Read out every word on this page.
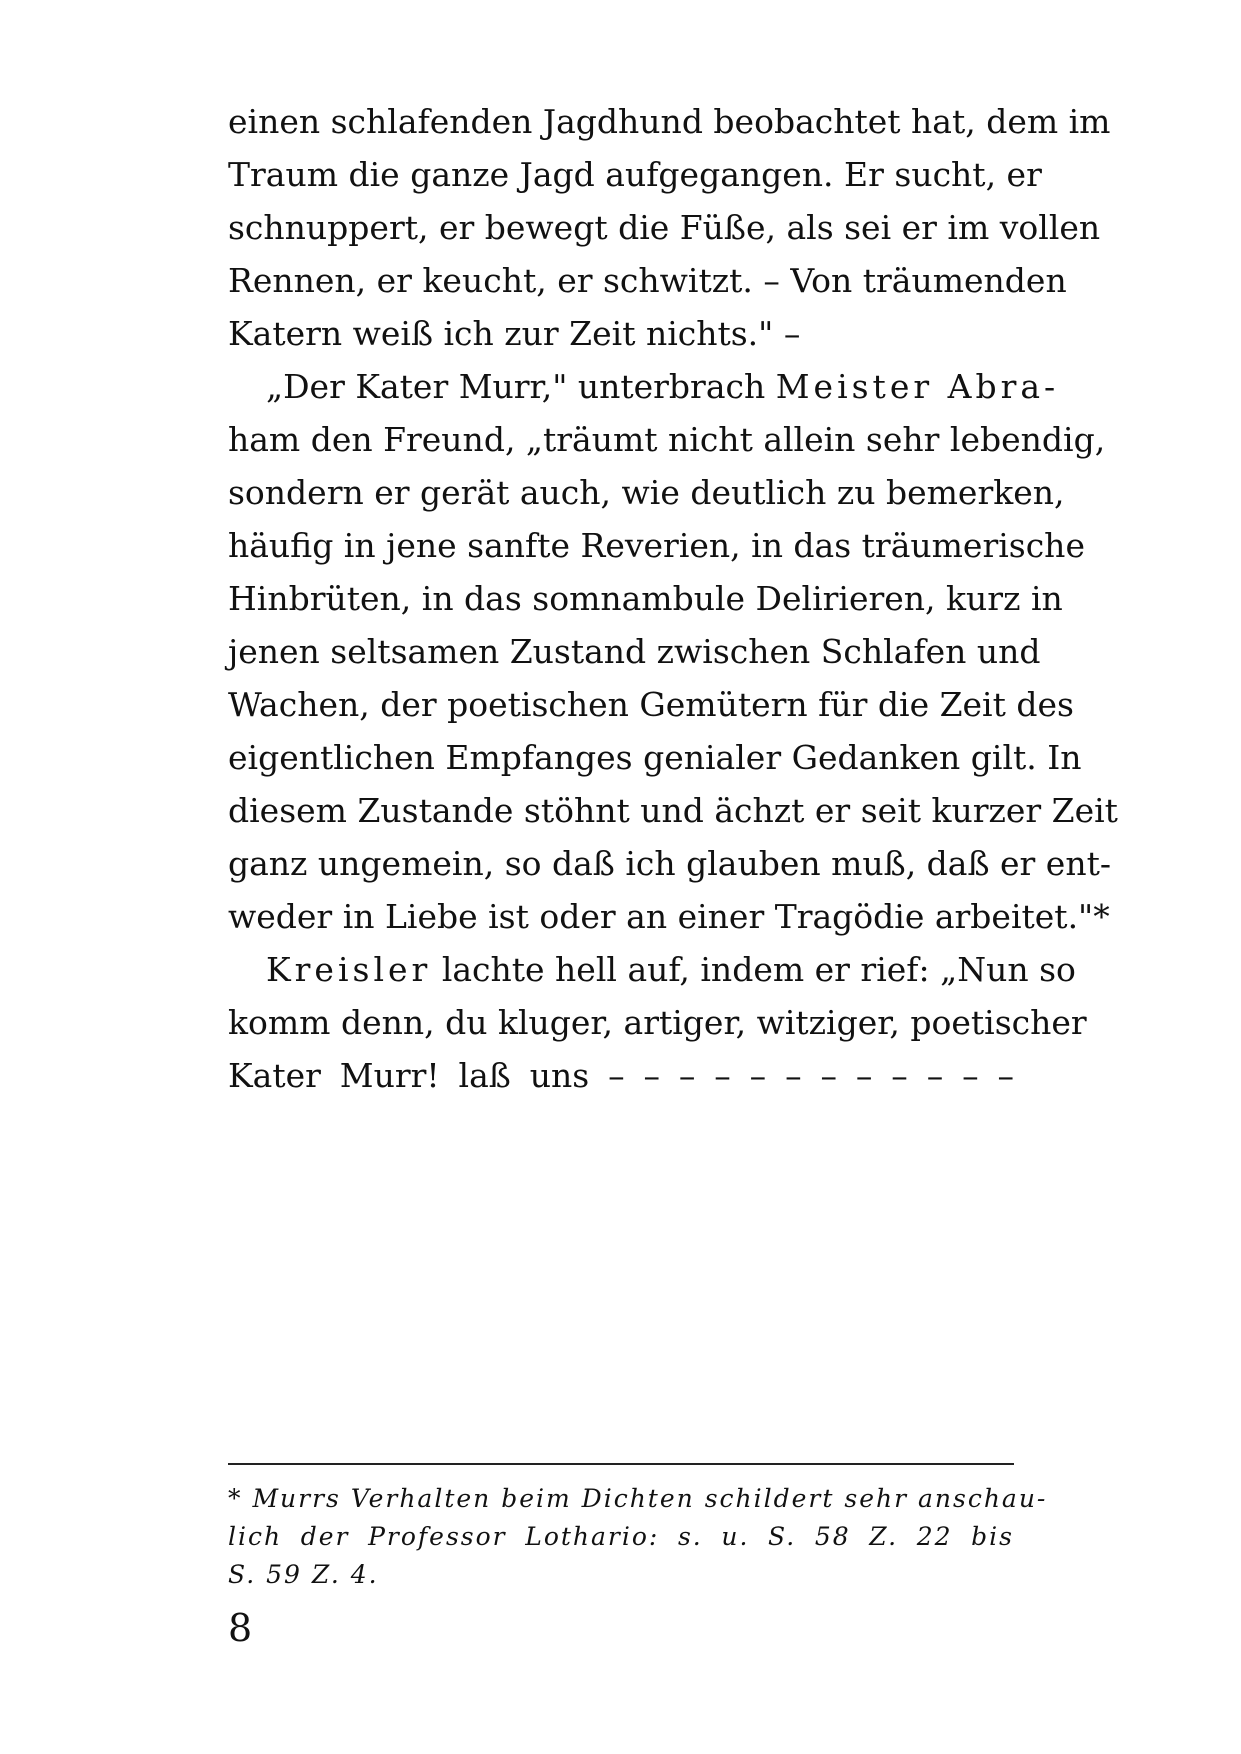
einen schlafenden Jagdhund beobachtet hat, dem im
Traum die ganze Jagd aufgegangen. Er sucht, er
schnuppert, er bewegt die Füße, als sei er im vollen
Rennen, er keucht, er schwitzt. – Von träumenden
Katern weiß ich zur Zeit nichts." –
„Der Kater Murr," unterbrach Meister Abra-
ham den Freund, „träumt nicht allein sehr lebendig,
sondern er gerät auch, wie deutlich zu bemerken,
häufig in jene sanfte Reverien, in das träumerische
Hinbrüten, in das somnambule Delirieren, kurz in
jenen seltsamen Zustand zwischen Schlafen und
Wachen, der poetischen Gemütern für die Zeit des
eigentlichen Empfanges genialer Gedanken gilt. In
diesem Zustande stöhnt und ächzt er seit kurzer Zeit
ganz ungemein, so daß ich glauben muß, daß er ent-
weder in Liebe ist oder an einer Tragödie arbeitet."*
Kreisler lachte hell auf, indem er rief: „Nun so
komm denn, du kluger, artiger, witziger, poetischer
Kater Murr! laß uns – – – – – – – – – – – –
* Murrs Verhalten beim Dichten schildert sehr anschau-
lich der Professor Lothario: s. u. S. 58 Z. 22 bis
S. 59 Z. 4.
8
